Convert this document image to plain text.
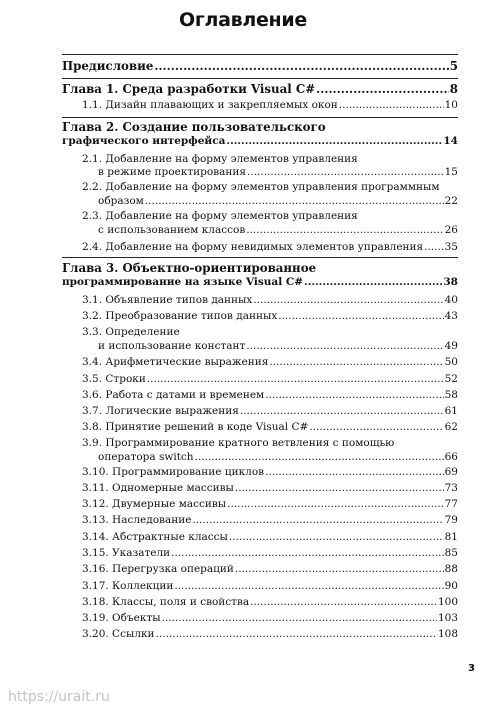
Оглавление
Предисловие .....	5
Глава 1. Среда разработки Visual C# .....	8
1.1. Дизайн плавающих и закрепляемых окон .....	10
Глава 2. Создание пользовательского
графического интерфейса .....	14
2.1. Добавление на форму элементов управления
в режиме проектирования .....	15
2.2. Добавление на форму элементов управления программным
образом .....	22
2.3. Добавление на форму элементов управления
с использованием классов .....	26
2.4. Добавление на форму невидимых элементов управления ..... 35
Глава 3. Объектно-ориентированное
программирование на языке Visual C# .....	38
3.1. Объявление типов данных .....	40
3.2. Преобразование типов данных .....	43
3.3. Определение
и использование констант .....	49
3.4. Арифметические выражения .....	50
3.5. Строки .....	52
3.6. Работа с датами и временем .....	58
3.7. Логические выражения .....	61
3.8. Принятие решений в коде Visual C# .....	62
3.9. Программирование кратного ветвления с помощью
оператора switch .....	66
3.10. Программирование циклов .....	69
3.11. Одномерные массивы .....	73
3.12. Двумерные массивы .....	77
3.13. Наследование .....	79
3.14. Абстрактные классы .....	81
3.15. Указатели .....	85
3.16. Перегрузка операций .....	88
3.17. Коллекции .....	90
3.18. Классы, поля и свойства .....	100
3.19. Объекты .....	103
3.20. Ссылки .....	108
3
https://urait.ru
